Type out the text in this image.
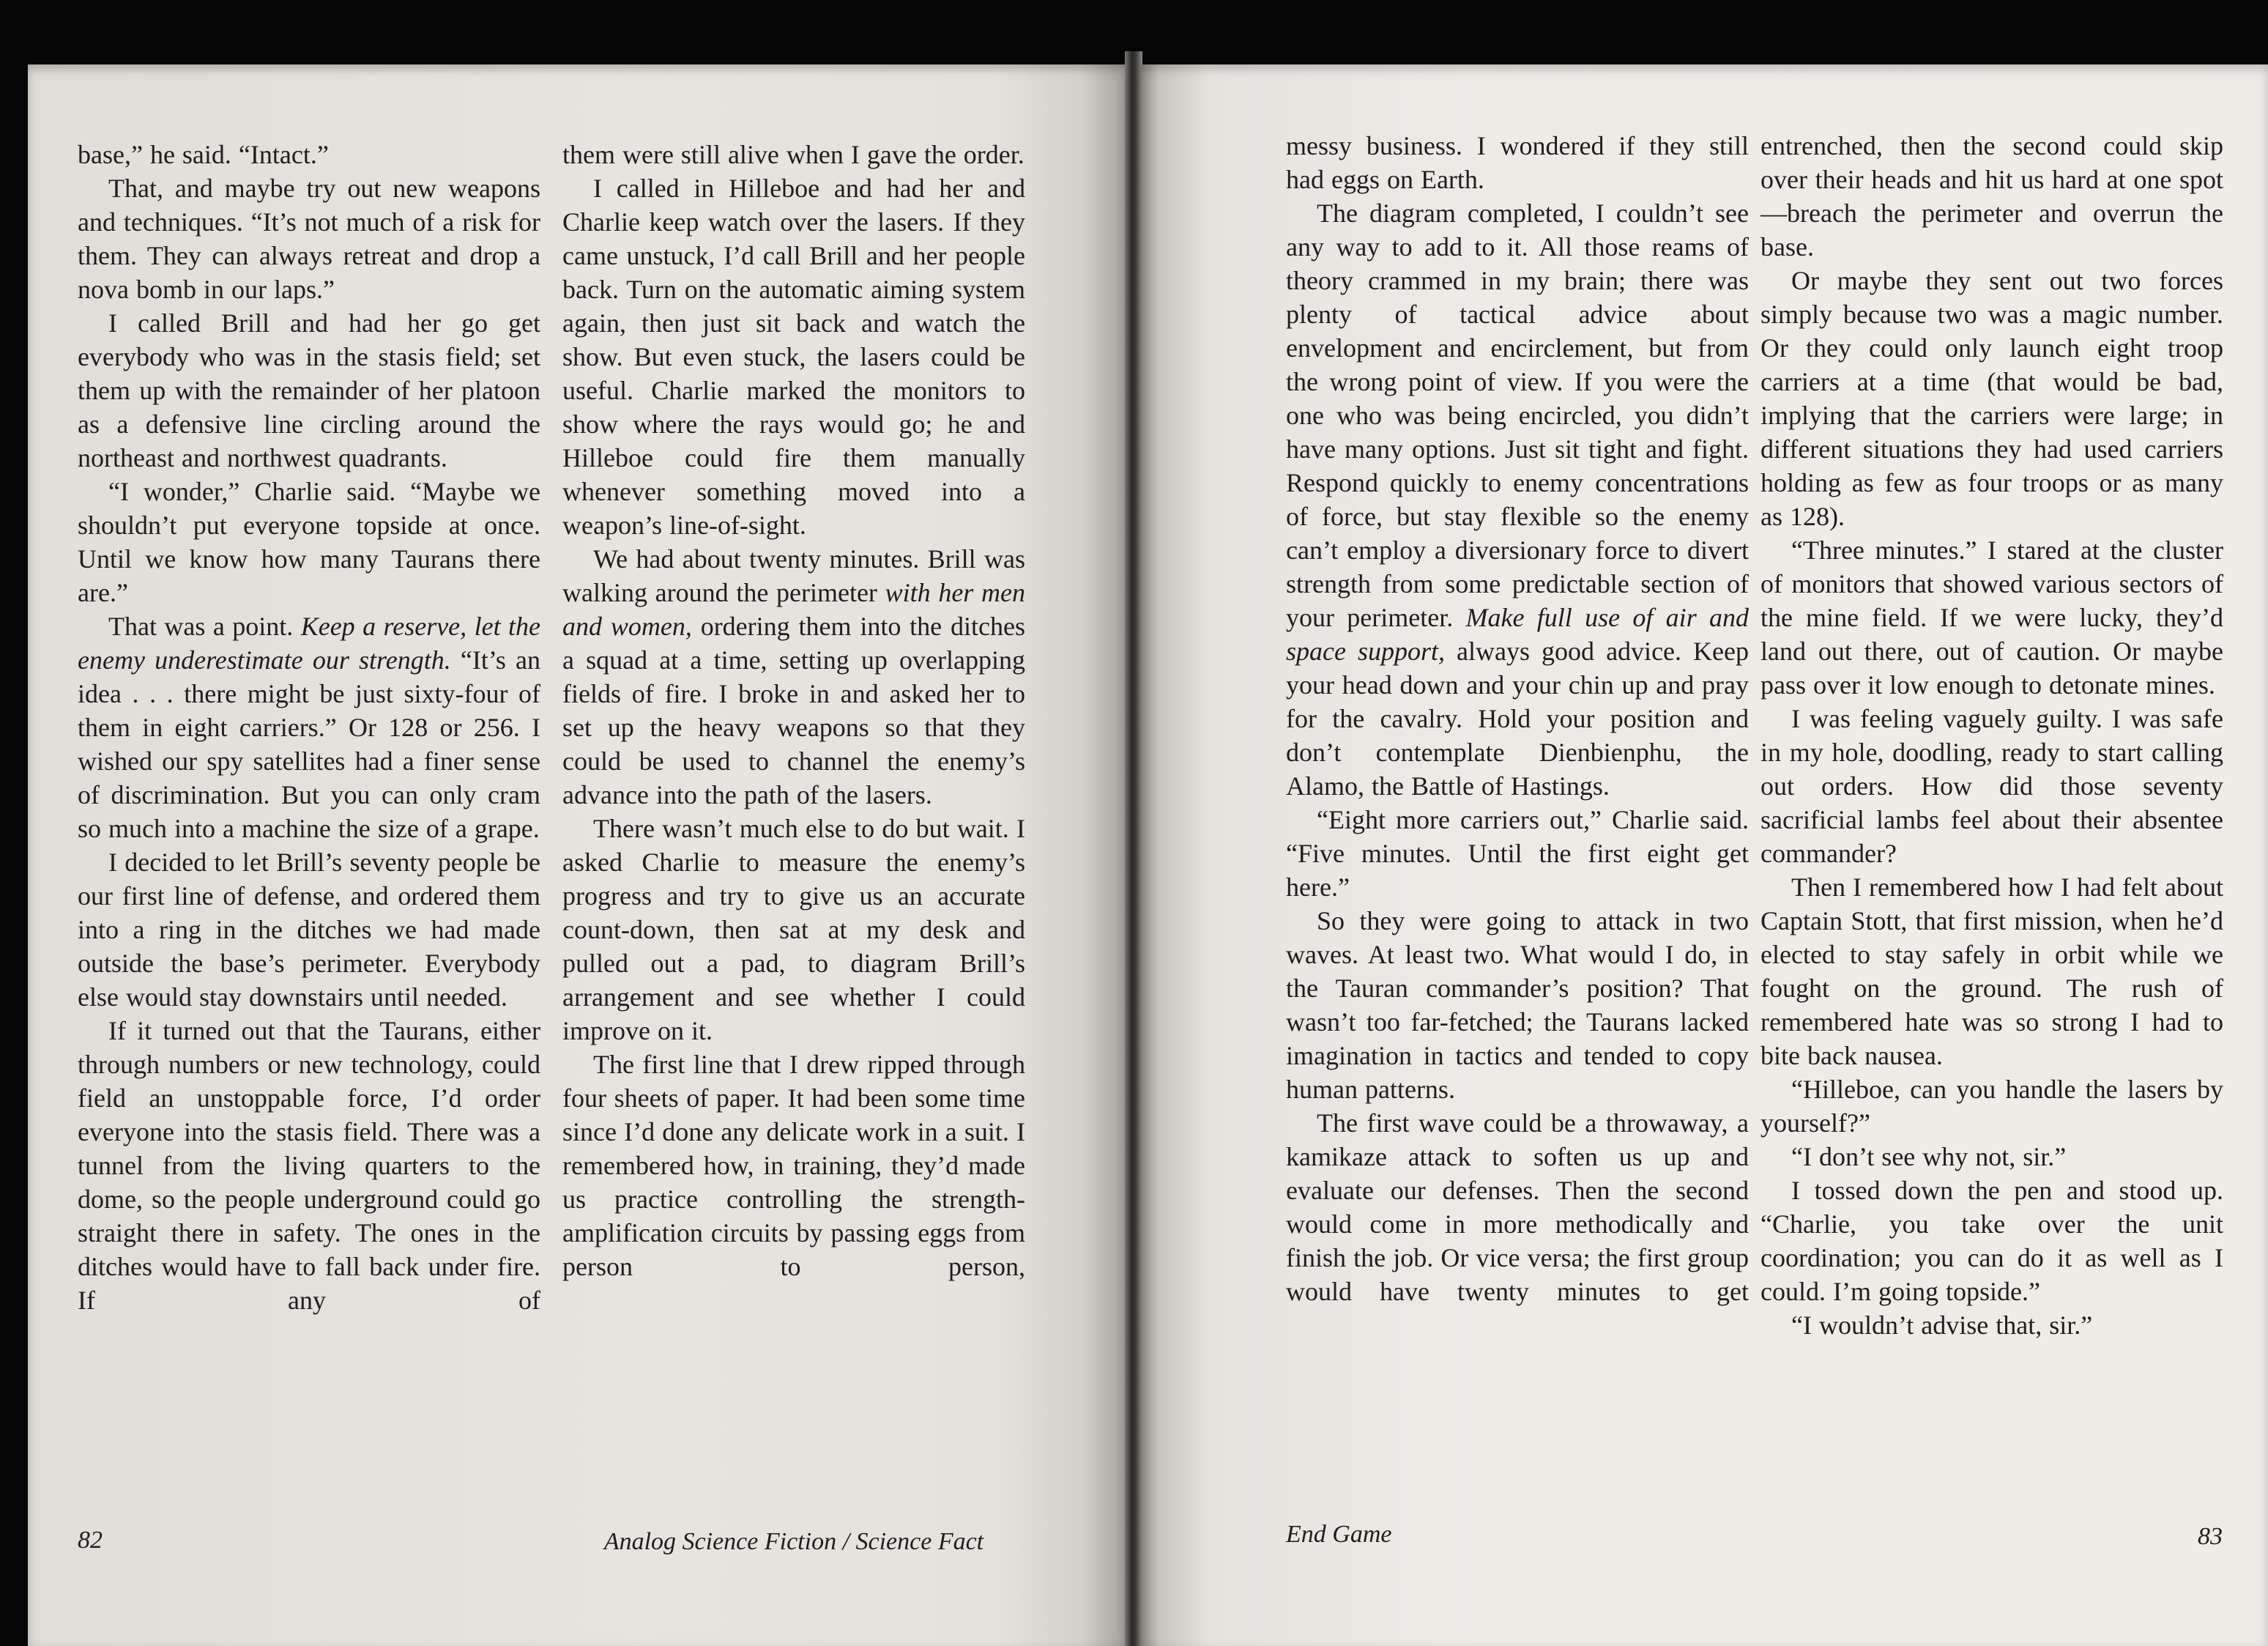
base,” he said. “Intact.”

That, and maybe try out new weapons and techniques. “It’s not much of a risk for them. They can always retreat and drop a nova bomb in our laps.”

I called Brill and had her go get everybody who was in the stasis field; set them up with the remainder of her platoon as a defensive line circling around the northeast and northwest quadrants.

“I wonder,” Charlie said. “Maybe we shouldn’t put everyone topside at once. Until we know how many Taurans there are.”

That was a point. Keep a reserve, let the enemy underestimate our strength. “It’s an idea . . . there might be just sixty-four of them in eight carriers.” Or 128 or 256. I wished our spy satellites had a finer sense of discrimination. But you can only cram so much into a machine the size of a grape.

I decided to let Brill’s seventy people be our first line of defense, and ordered them into a ring in the ditches we had made outside the base’s perimeter. Everybody else would stay downstairs until needed.

If it turned out that the Taurans, either through numbers or new technology, could field an unstoppable force, I’d order everyone into the stasis field. There was a tunnel from the living quarters to the dome, so the people underground could go straight there in safety. The ones in the ditches would have to fall back under fire. If any of

them were still alive when I gave the order.

I called in Hilleboe and had her and Charlie keep watch over the lasers. If they came unstuck, I’d call Brill and her people back. Turn on the automatic aiming system again, then just sit back and watch the show. But even stuck, the lasers could be useful. Charlie marked the monitors to show where the rays would go; he and Hilleboe could fire them manually whenever something moved into a weapon’s line-of-sight.

We had about twenty minutes. Brill was walking around the perimeter with her men and women, ordering them into the ditches a squad at a time, setting up overlapping fields of fire. I broke in and asked her to set up the heavy weapons so that they could be used to channel the enemy’s advance into the path of the lasers.

There wasn’t much else to do but wait. I asked Charlie to measure the enemy’s progress and try to give us an accurate count-down, then sat at my desk and pulled out a pad, to diagram Brill’s arrangement and see whether I could improve on it.

The first line that I drew ripped through four sheets of paper. It had been some time since I’d done any delicate work in a suit. I remembered how, in training, they’d made us practice controlling the strength-amplification circuits by passing eggs from person to person,

82	Analog Science Fiction / Science Fact

messy business. I wondered if they still had eggs on Earth.

The diagram completed, I couldn’t see any way to add to it. All those reams of theory crammed in my brain; there was plenty of tactical advice about envelopment and encirclement, but from the wrong point of view. If you were the one who was being encircled, you didn’t have many options. Just sit tight and fight. Respond quickly to enemy concentrations of force, but stay flexible so the enemy can’t employ a diversionary force to divert strength from some predictable section of your perimeter. Make full use of air and space support, always good advice. Keep your head down and your chin up and pray for the cavalry. Hold your position and don’t contemplate Dienbienphu, the Alamo, the Battle of Hastings.

“Eight more carriers out,” Charlie said. “Five minutes. Until the first eight get here.”

So they were going to attack in two waves. At least two. What would I do, in the Tauran commander’s position? That wasn’t too far-fetched; the Taurans lacked imagination in tactics and tended to copy human patterns.

The first wave could be a throwaway, a kamikaze attack to soften us up and evaluate our defenses. Then the second would come in more methodically and finish the job. Or vice versa; the first group would have twenty minutes to get

entrenched, then the second could skip over their heads and hit us hard at one spot—breach the perimeter and overrun the base.

Or maybe they sent out two forces simply because two was a magic number. Or they could only launch eight troop carriers at a time (that would be bad, implying that the carriers were large; in different situations they had used carriers holding as few as four troops or as many as 128).

“Three minutes.” I stared at the cluster of monitors that showed various sectors of the mine field. If we were lucky, they’d land out there, out of caution. Or maybe pass over it low enough to detonate mines.

I was feeling vaguely guilty. I was safe in my hole, doodling, ready to start calling out orders. How did those seventy sacrificial lambs feel about their absentee commander?

Then I remembered how I had felt about Captain Stott, that first mission, when he’d elected to stay safely in orbit while we fought on the ground. The rush of remembered hate was so strong I had to bite back nausea.

“Hilleboe, can you handle the lasers by yourself?”

“I don’t see why not, sir.”

I tossed down the pen and stood up. “Charlie, you take over the unit coordination; you can do it as well as I could. I’m going topside.”

“I wouldn’t advise that, sir.”

End Game	83
